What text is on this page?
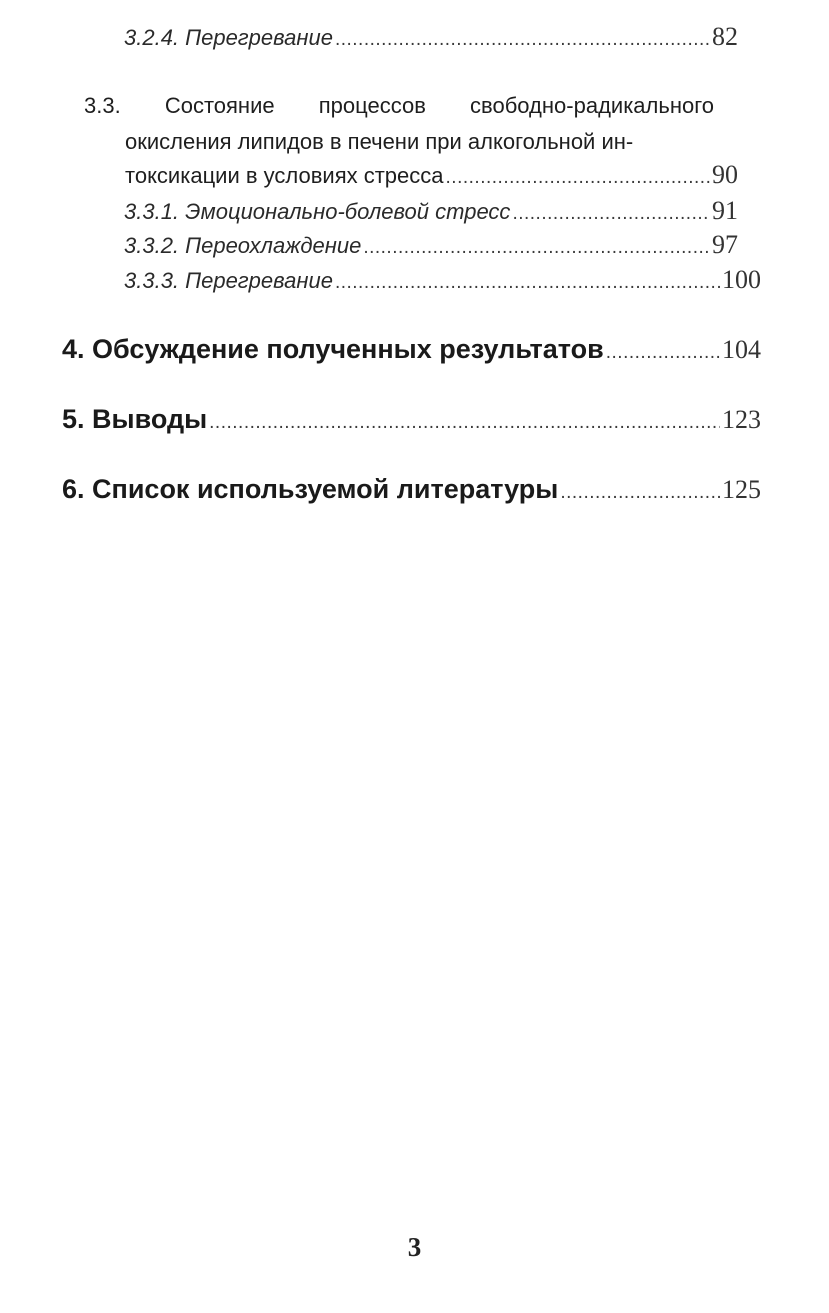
3.2.4. Перегревание .....	82
3.3. Состояние процессов свободно-радикального
окисления липидов в печени при алкогольной ин-
токсикации в условиях стресса .....	90
3.3.1. Эмоционально-болевой стресс .....	91
3.3.2. Переохлаждение .....	97
3.3.3. Перегревание .....	100
4. Обсуждение полученных результатов .....	104
5. Выводы .....	123
6. Список используемой литературы .....	125
3
